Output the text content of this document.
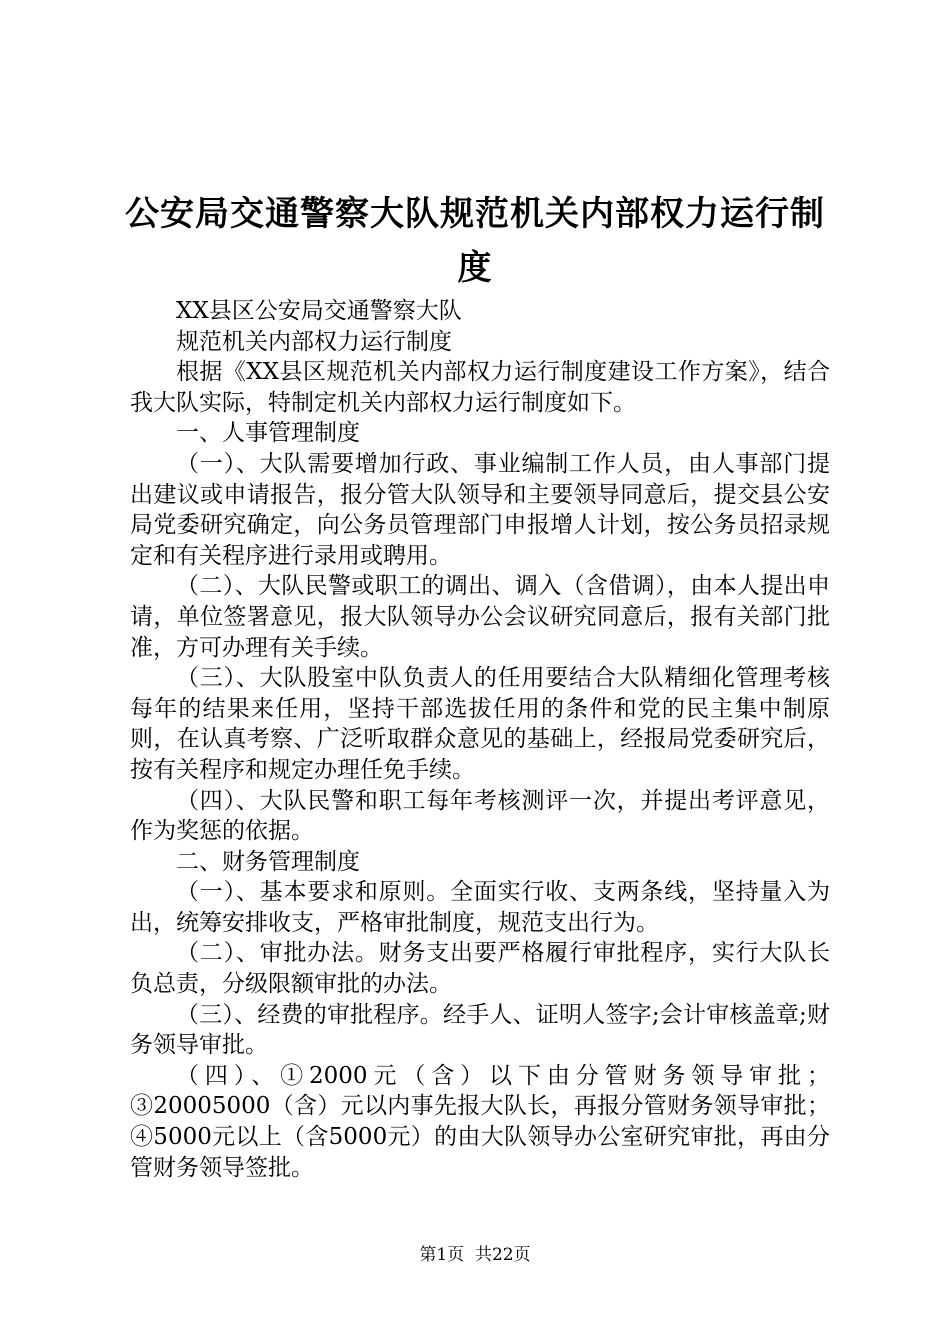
公安局交通警察大队规范机关内部权力运行制
度

XX县区公安局交通警察大队

规范机关内部权力运行制度

根据《XX县区规范机关内部权力运行制度建设工作方案》，结合我大队实际，特制定机关内部权力运行制度如下。

一、人事管理制度

（一）、大队需要增加行政、事业编制工作人员，由人事部门提出建议或申请报告，报分管大队领导和主要领导同意后，提交县公安局党委研究确定，向公务员管理部门申报增人计划，按公务员招录规定和有关程序进行录用或聘用。

（二）、大队民警或职工的调出、调入（含借调），由本人提出申请，单位签署意见，报大队领导办公会议研究同意后，报有关部门批准，方可办理有关手续。

（三）、大队股室中队负责人的任用要结合大队精细化管理考核每年的结果来任用，坚持干部选拔任用的条件和党的民主集中制原则，在认真考察、广泛听取群众意见的基础上，经报局党委研究后，按有关程序和规定办理任免手续。

（四）、大队民警和职工每年考核测评一次，并提出考评意见，作为奖惩的依据。

二、财务管理制度

（一）、基本要求和原则。全面实行收、支两条线，坚持量入为出，统筹安排收支，严格审批制度，规范支出行为。

（二）、审批办法。财务支出要严格履行审批程序，实行大队长负总责，分级限额审批的办法。

（三）、经费的审批程序。经手人、证明人签字;会计审核盖章;财务领导审批。

（四）、①2000元（含）以下由分管财务领导审批；③20005000（含）元以内事先报大队长，再报分管财务领导审批；④5000元以上（含5000元）的由大队领导办公室研究审批，再由分管财务领导签批。

第1页  共22页
